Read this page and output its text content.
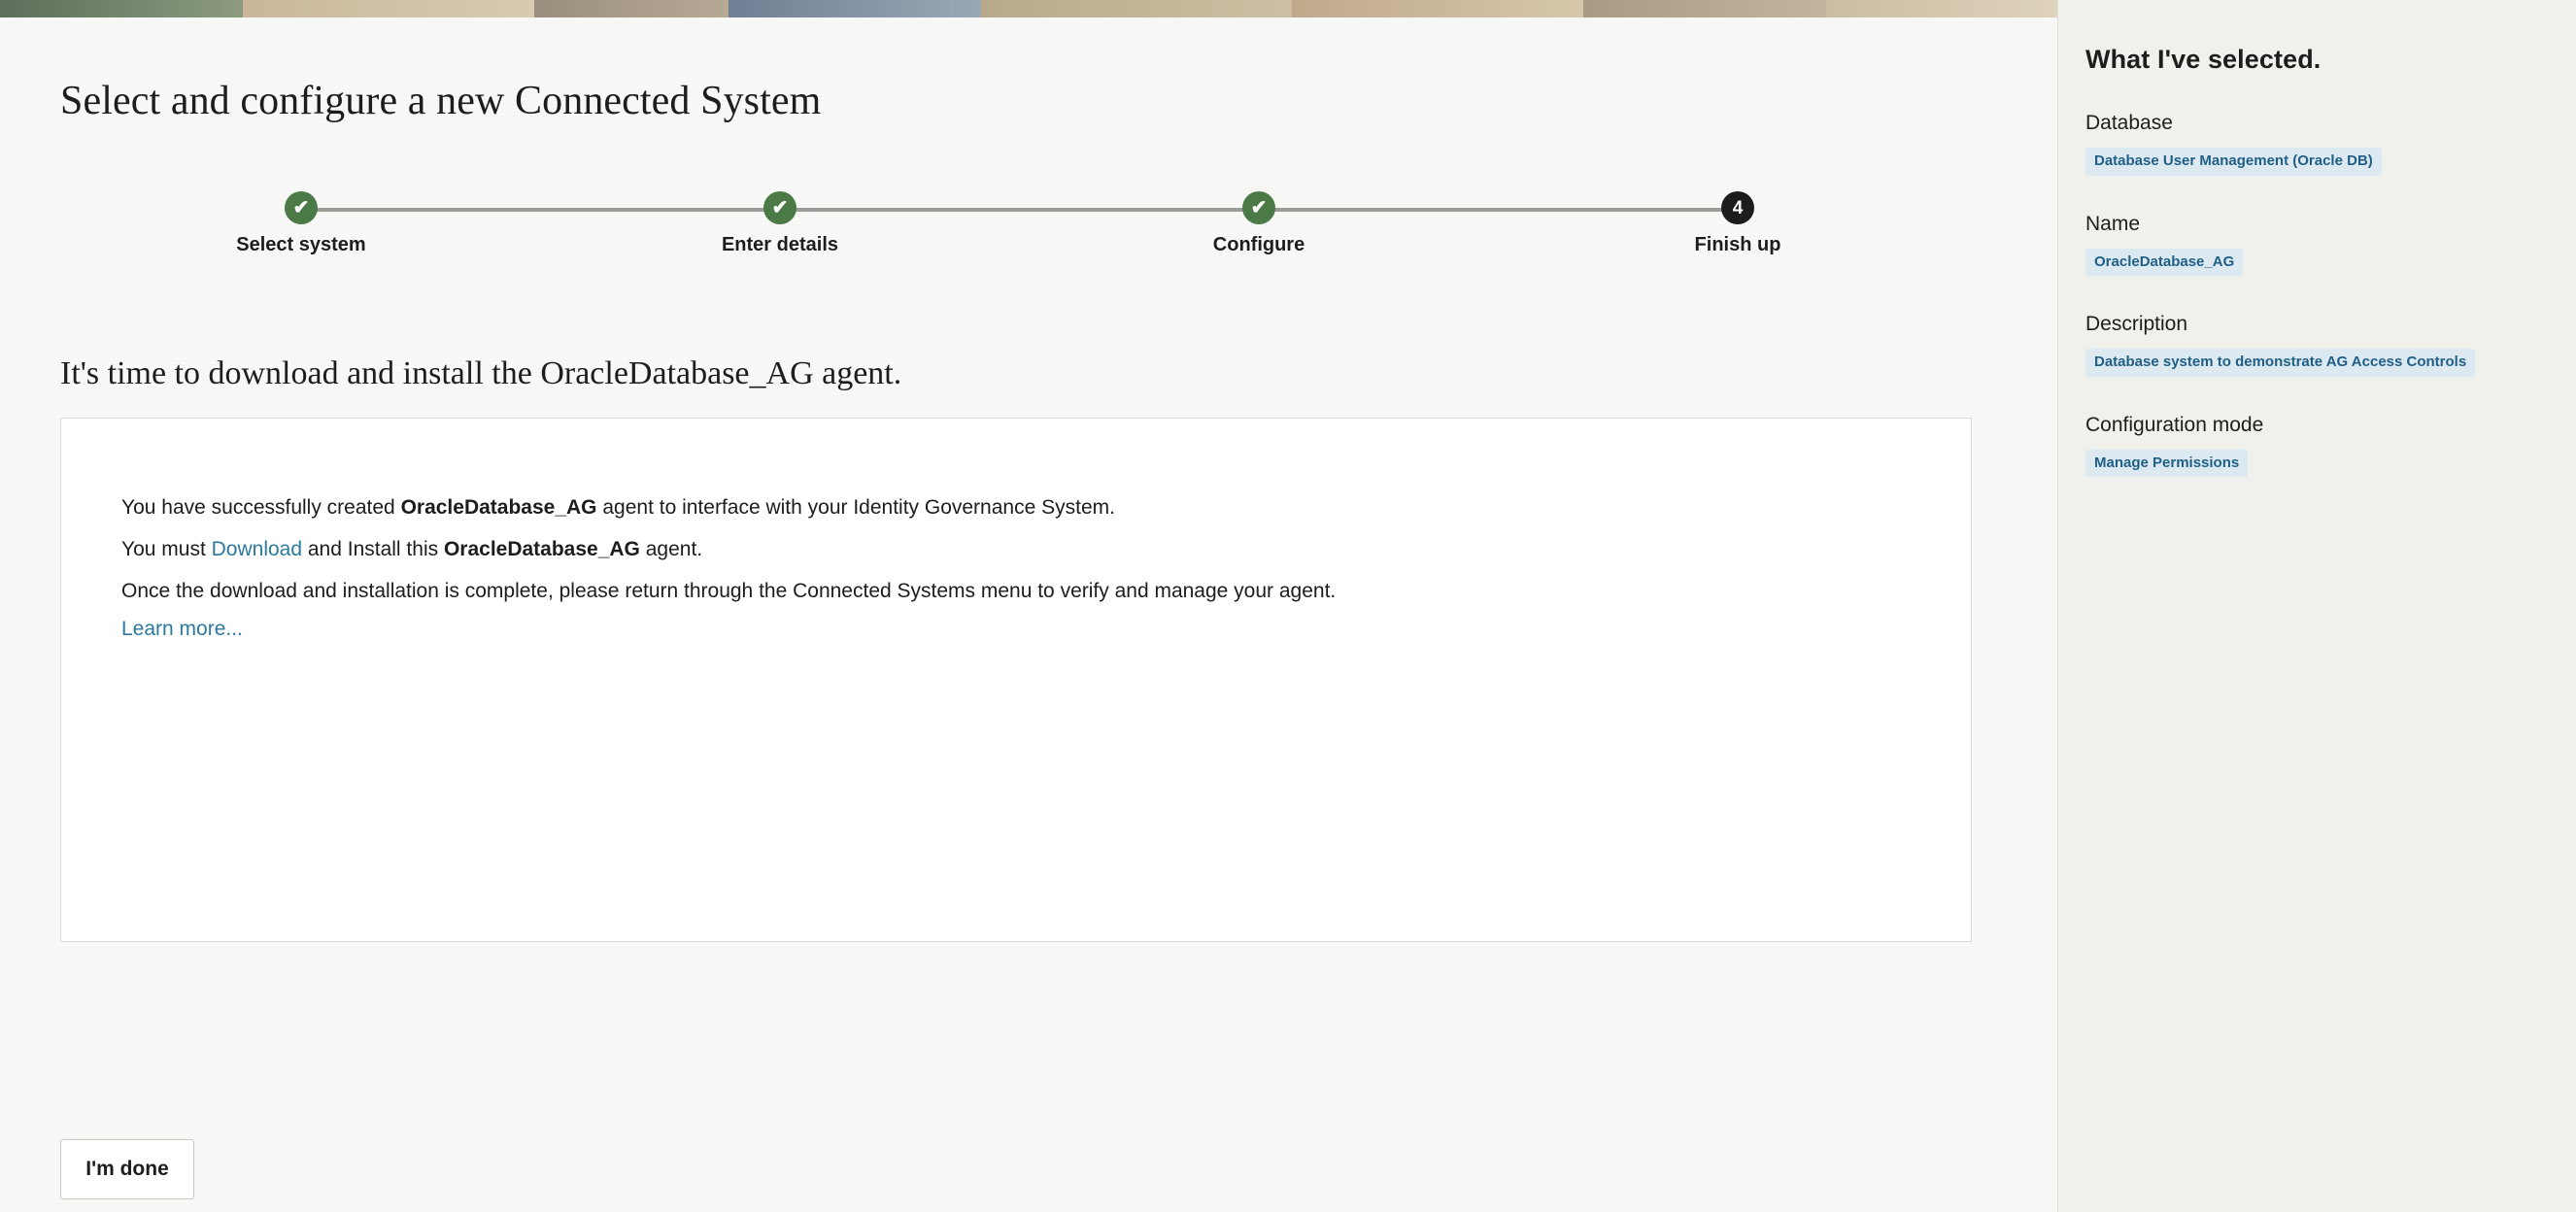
Select and configure a new Connected System
✔
Select system
✔
Enter details
✔
Configure
4
Finish up
It's time to download and install the OracleDatabase_AG agent.
You have successfully created OracleDatabase_AG agent to interface with your Identity Governance System.
You must Download and Install this OracleDatabase_AG agent.
Once the download and installation is complete, please return through the Connected Systems menu to verify and manage your agent.
Learn more...
I'm done
What I've selected.
Database
Database User Management (Oracle DB)
Name
OracleDatabase_AG
Description
Database system to demonstrate AG Access Controls
Configuration mode
Manage Permissions
